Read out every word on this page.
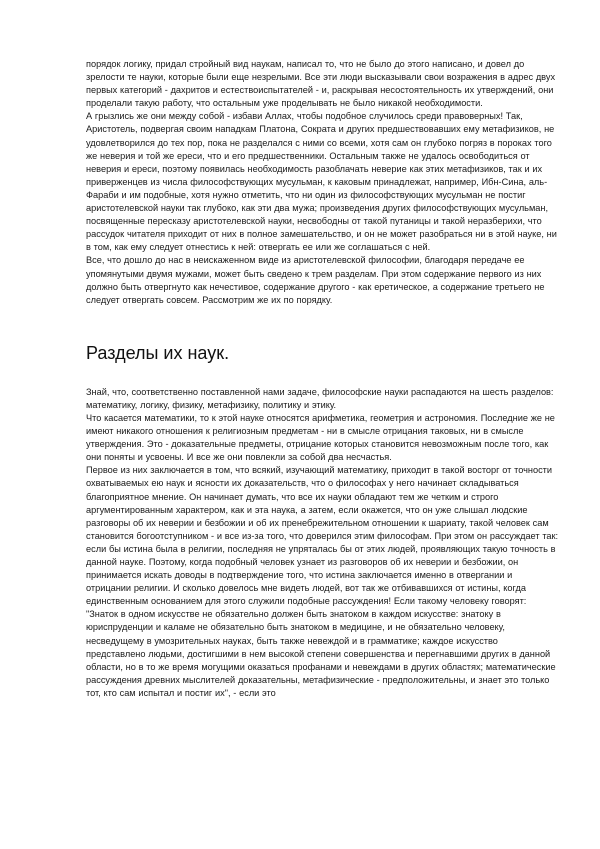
порядок логику, придал стройный вид наукам, написал то, что не было до этого написано, и довел до зрелости те науки, которые были еще незрелыми. Все эти люди высказывали свои возражения в адрес двух первых категорий - дахритов и естествоиспытателей - и, раскрывая несостоятельность их утверждений, они проделали такую работу, что остальным уже проделывать не было никакой необходимости.

А грызлись же они между собой - избави Аллах, чтобы подобное случилось среди правоверных! Так, Аристотель, подвергая своим нападкам Платона, Сократа и других предшествовавших ему метафизиков, не удовлетворился до тех пор, пока не разделался с ними со всеми, хотя сам он глубоко погряз в пороках того же неверия и той же ереси, что и его предшественники. Остальным также не удалось освободиться от неверия и ереси, поэтому появилась необходимость разоблачать неверие как этих метафизиков, так и их приверженцев из числа философствующих мусульман, к каковым принадлежат, например, Ибн-Сина, аль-Фараби и им подобные, хотя нужно отметить, что ни один из философствующих мусульман не постиг аристотелевской науки так глубоко, как эти два мужа; произведения других философствующих мусульман, посвященные пересказу аристотелевской науки, несвободны от такой путаницы и такой неразберихи, что рассудок читателя приходит от них в полное замешательство, и он не может разобраться ни в этой науке, ни в том, как ему следует отнестись к ней: отвергать ее или же соглашаться с ней.

Все, что дошло до нас в неискаженном виде из аристотелевской философии, благодаря передаче ее упомянутыми двумя мужами, может быть сведено к трем разделам. При этом содержание первого из них должно быть отвергнуто как нечестивое, содержание другого - как еретическое, а содержание третьего не следует отвергать совсем. Рассмотрим же их по порядку.

Разделы их наук.

Знай, что, соответственно поставленной нами задаче, философские науки распадаются на шесть разделов: математику, логику, физику, метафизику, политику и этику.

Что касается математики, то к этой науке относятся арифметика, геометрия и астрономия. Последние же не имеют никакого отношения к религиозным предметам - ни в смысле отрицания таковых, ни в смысле утверждения. Это - доказательные предметы, отрицание которых становится невозможным после того, как они поняты и усвоены. И все же они повлекли за собой два несчастья.

Первое из них заключается в том, что всякий, изучающий математику, приходит в такой восторг от точности охватываемых ею наук и ясности их доказательств, что о философах у него начинает складываться благоприятное мнение. Он начинает думать, что все их науки обладают тем же четким и строго аргументированным характером, как и эта наука, а затем, если окажется, что он уже слышал людские разговоры об их неверии и безбожии и об их пренебрежительном отношении к шариату, такой человек сам становится богоотступником - и все из-за того, что доверился этим философам. При этом он рассуждает так: если бы истина была в религии, последняя не упряталась бы от этих людей, проявляющих такую точность в данной науке. Поэтому, когда подобный человек узнает из разговоров об их неверии и безбожии, он принимается искать доводы в подтверждение того, что истина заключается именно в отвергании и отрицании религии. И сколько довелось мне видеть людей, вот так же отбивавшихся от истины, когда единственным основанием для этого служили подобные рассуждения! Если такому человеку говорят: "Знаток в одном искусстве не обязательно должен быть знатоком в каждом искусстве: знатоку в юриспруденции и каламе не обязательно быть знатоком в медицине, и не обязательно человеку, несведущему в умозрительных науках, быть также невеждой и в грамматике; каждое искусство представлено людьми, достигшими в нем высокой степени совершенства и перегнавшими других в данной области, но в то же время могущими оказаться профанами и невеждами в других областях; математические рассуждения древних мыслителей доказательны, метафизические - предположительны, и знает это только тот, кто сам испытал и постиг их", - если это
